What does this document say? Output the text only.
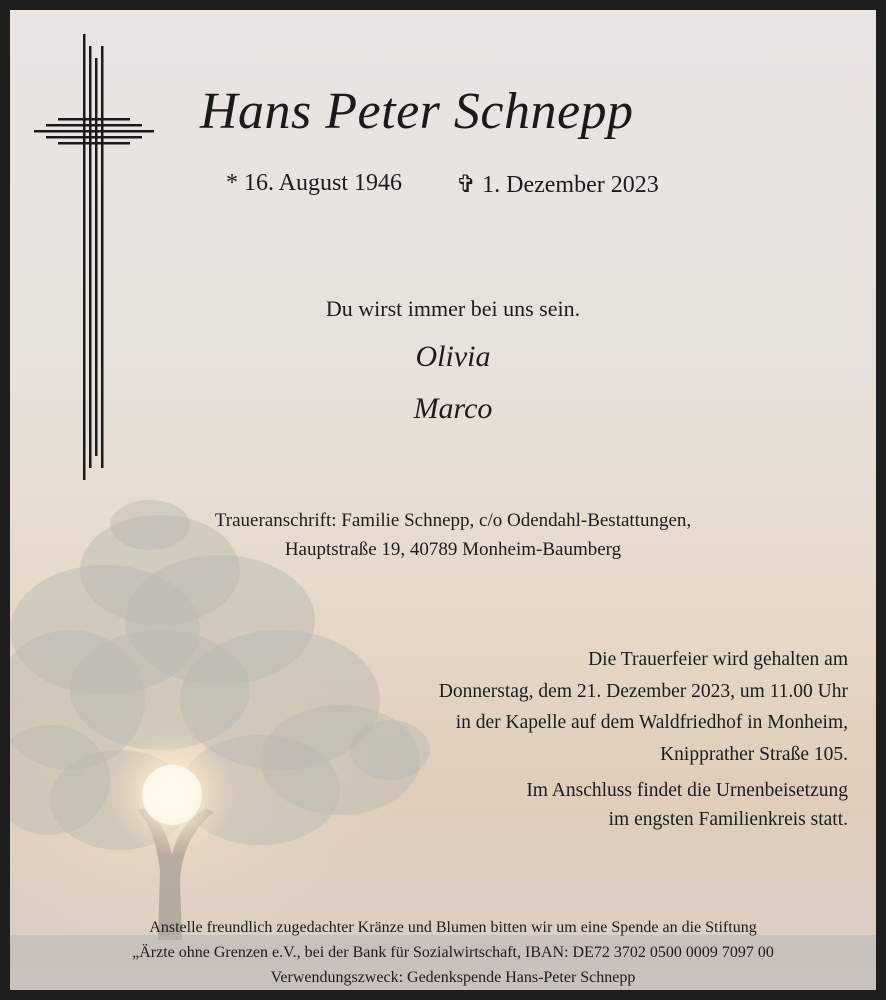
Hans Peter Schnepp
* 16. August 1946 ✞ 1. Dezember 2023
Du wirst immer bei uns sein.
Olivia
Marco
Traueranschrift: Familie Schnepp, c/o Odendahl-Bestattungen,
Hauptstraße 19, 40789 Monheim-Baumberg
Die Trauerfeier wird gehalten am
Donnerstag, dem 21. Dezember 2023, um 11.00 Uhr
in der Kapelle auf dem Waldfriedhof in Monheim,
Knipprather Straße 105.
Im Anschluss findet die Urnenbeisetzung
im engsten Familienkreis statt.
Anstelle freundlich zugedachter Kränze und Blumen bitten wir um eine Spende an die Stiftung
„Ärzte ohne Grenzen e.V., bei der Bank für Sozialwirtschaft, IBAN: DE72 3702 0500 0009 7097 00
Verwendungszweck: Gedenkspende Hans-Peter Schnepp
